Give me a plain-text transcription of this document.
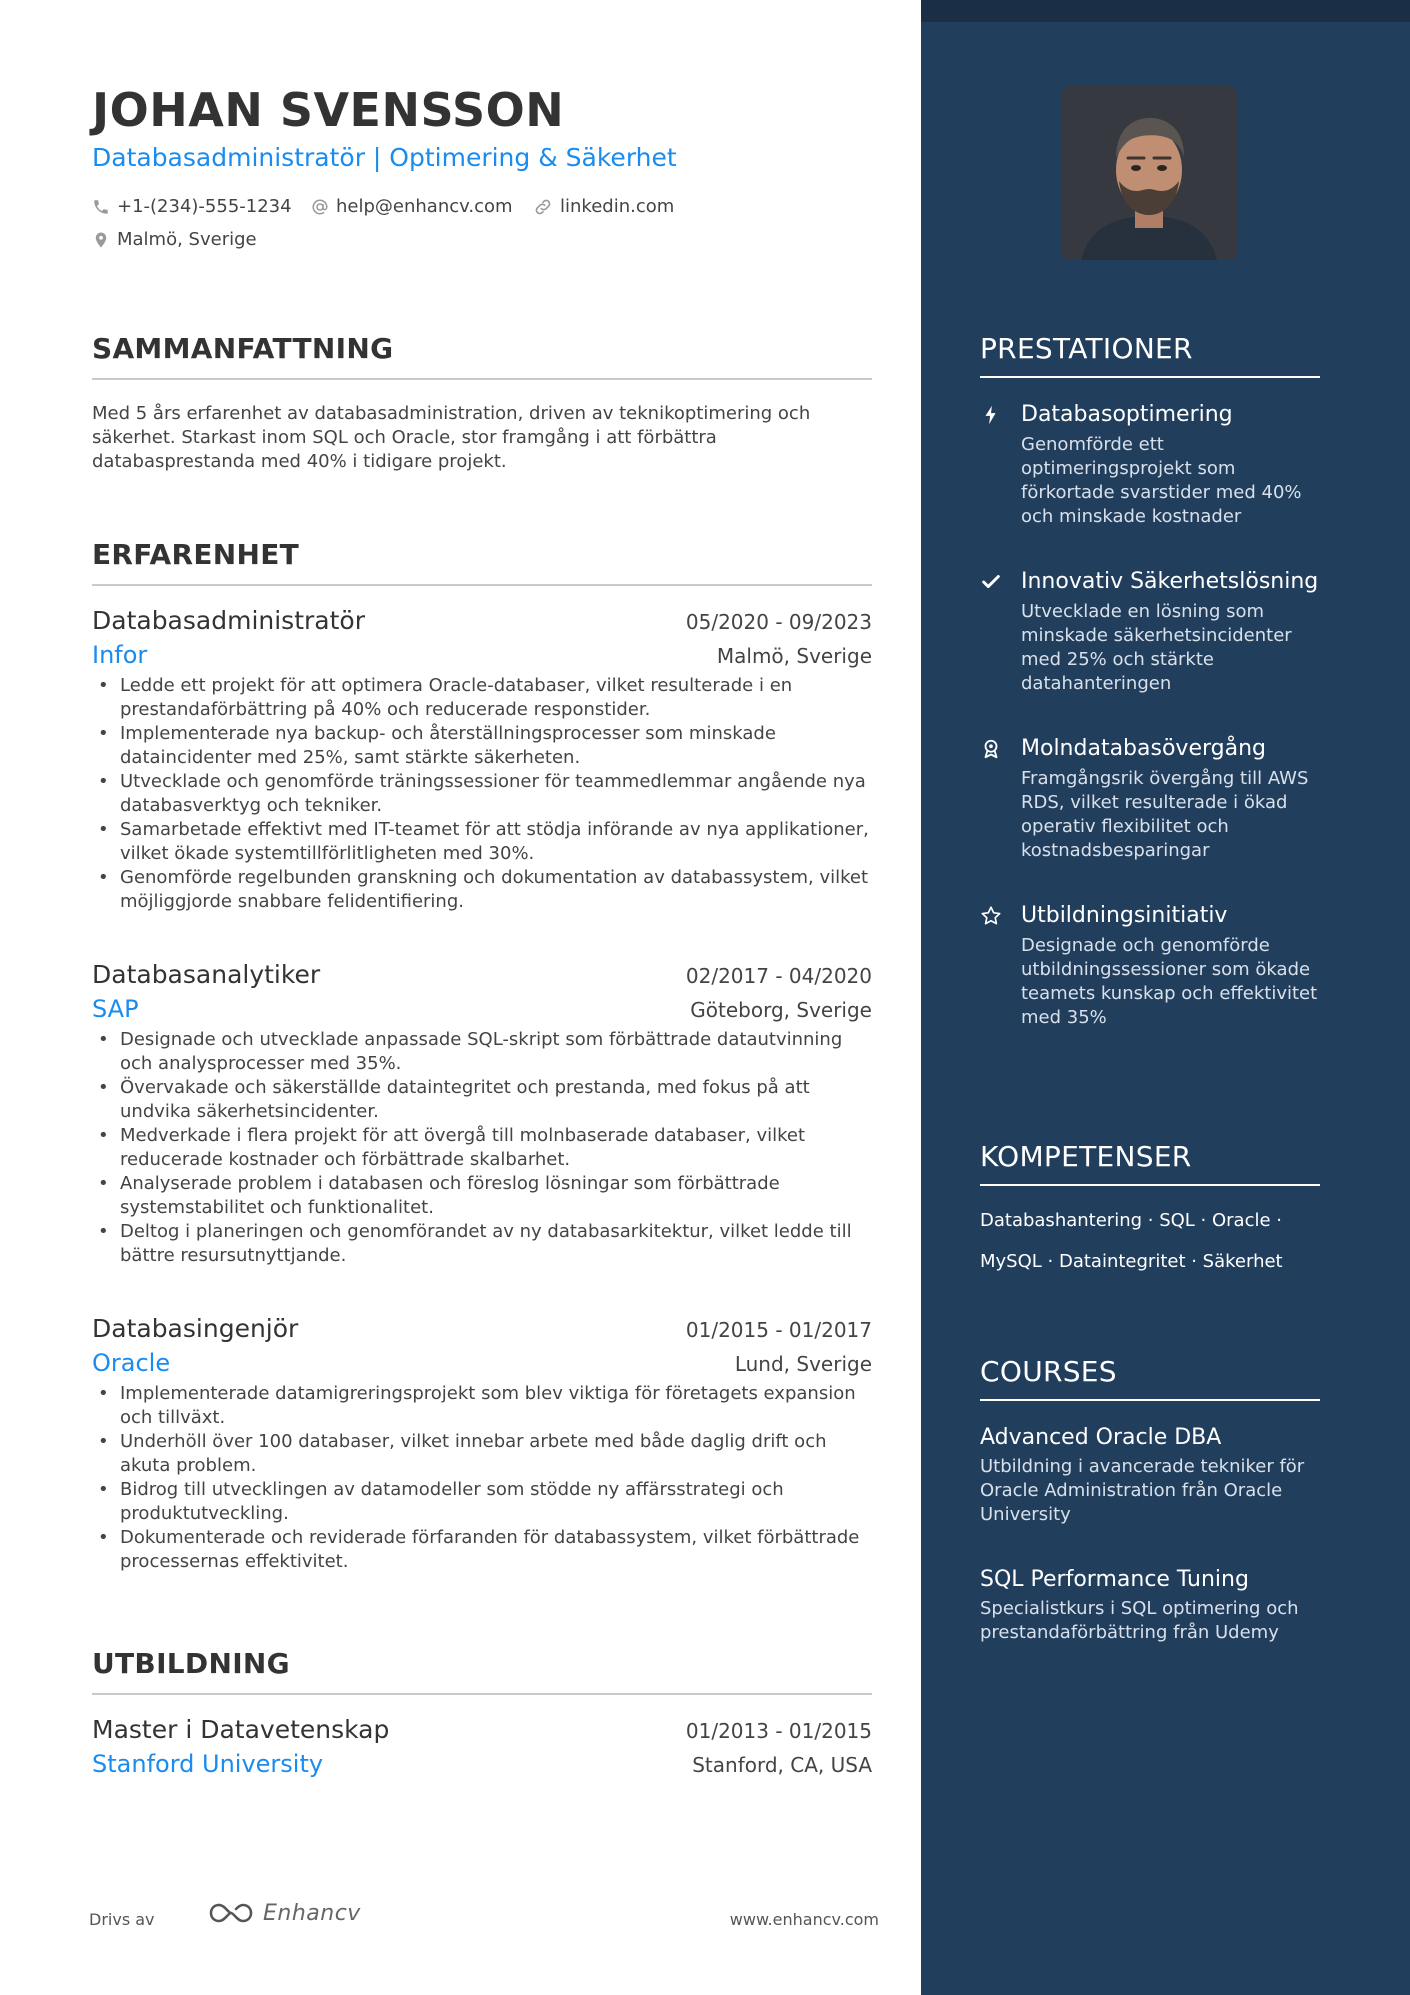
JOHAN SVENSSON
Databasadministratör | Optimering & Säkerhet
+1-(234)-555-1234 help@enhancv.com	linkedin.com
Malmö, Sverige
SAMMANFATTNING

Med 5 års erfarenhet av databasadministration, driven av teknikoptimering och säkerhet. Starkast inom SQL och Oracle, stor framgång i att förbättra databasprestanda med 40% i tidigare projekt.

ERFARENHET
Databasadministratör	05/2020 - 09/2023
Infor	Malmö, Sverige
• Ledde ett projekt för att optimera Oracle-databaser, vilket resulterade i en prestandaförbättring på 40% och reducerade responstider.
• Implementerade nya backup- och återställningsprocesser som minskade dataincidenter med 25%, samt stärkte säkerheten.
• Utvecklade och genomförde träningssessioner för teammedlemmar angående nya databasverktyg och tekniker.
• Samarbetade effektivt med IT-teamet för att stödja införande av nya applikationer, vilket ökade systemtillförlitligheten med 30%.
• Genomförde regelbunden granskning och dokumentation av databassystem, vilket möjliggjorde snabbare felidentifiering.
Databasanalytiker	02/2017 - 04/2020
SAP	Göteborg, Sverige
• Designade och utvecklade anpassade SQL-skript som förbättrade datautvinning och analysprocesser med 35%.
• Övervakade och säkerställde dataintegritet och prestanda, med fokus på att undvika säkerhetsincidenter.
• Medverkade i flera projekt för att övergå till molnbaserade databaser, vilket reducerade kostnader och förbättrade skalbarhet.
• Analyserade problem i databasen och föreslog lösningar som förbättrade systemstabilitet och funktionalitet.
• Deltog i planeringen och genomförandet av ny databasarkitektur, vilket ledde till bättre resursutnyttjande.
Databasingenjör	01/2015 - 01/2017
Oracle	Lund, Sverige
• Implementerade datamigreringsprojekt som blev viktiga för företagets expansion och tillväxt.
• Underhöll över 100 databaser, vilket innebar arbete med både daglig drift och akuta problem.
• Bidrog till utvecklingen av datamodeller som stödde ny affärsstrategi och produktutveckling.
• Dokumenterade och reviderade förfaranden för databassystem, vilket förbättrade processernas effektivitet.
UTBILDNING
Master i Datavetenskap	01/2013 - 01/2015
Stanford University	Stanford, CA, USA
Drivs av	Enhancv	www.enhancv.com
PRESTATIONER
Databasoptimering
Genomförde ett optimeringsprojekt som förkortade svarstider med 40% och minskade kostnader
Innovativ Säkerhetslösning
Utvecklade en lösning som minskade säkerhetsincidenter med 25% och stärkte datahanteringen
Molndatabasövergång
Framgångsrik övergång till AWS RDS, vilket resulterade i ökad operativ flexibilitet och kostnadsbesparingar
Utbildningsinitiativ
Designade och genomförde utbildningssessioner som ökade teamets kunskap och effektivitet med 35%
KOMPETENSER
Databashantering · SQL · Oracle ·
MySQL · Dataintegritet · Säkerhet
COURSES
Advanced Oracle DBA
Utbildning i avancerade tekniker för Oracle Administration från Oracle University
SQL Performance Tuning
Specialistkurs i SQL optimering och prestandaförbättring från Udemy
